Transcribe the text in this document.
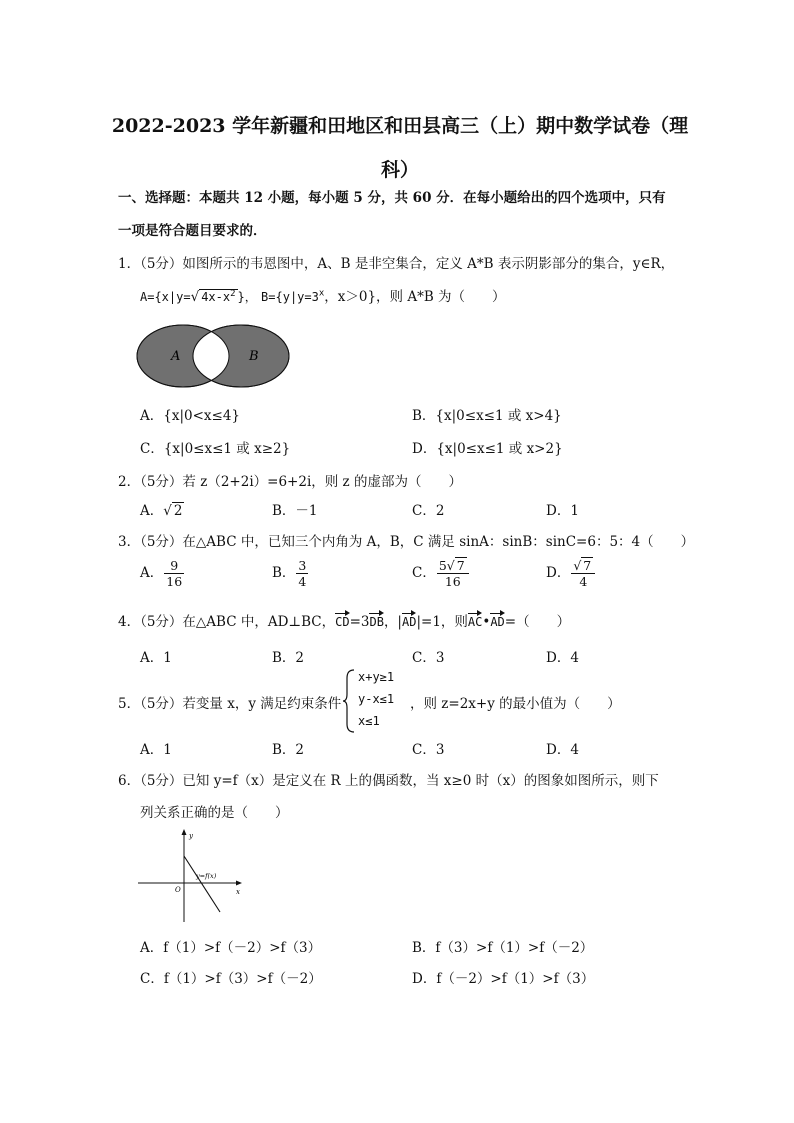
2022-2023 学年新疆和田地区和田县高三（上）期中数学试卷（理
科）
一、选择题：本题共 12 小题，每小题 5 分，共 60 分．在每小题给出的四个选项中，只有
一项是符合题目要求的．
1．（5分）如图所示的韦恩图中，A、B 是非空集合，定义 A*B 表示阴影部分的集合，y∈R，
A={x|y=√ $4x-x^2$ }， $B=\{y|y=3^x$，x＞0}，则 A*B 为（　　）
A	B
A．{x|0<x≤4}	B．{x|0≤x≤1 或 x>4}
C．{x|0≤x≤1 或 x≥2}	D．{x|0≤x≤1 或 x>2}
2．（5分）若 z（2+2i）=6+2i，则 z 的虚部为（　　）
A．√ 2	B．－1	C．2	D．1
3．（5分）在△ABC 中，已知三个内角为 A，B，C 满足 sinA：sinB：sinC=6：5：4（　　）
A． $\frac{9}{16}$	B． $\frac{3}{4}$	C． $\frac{5√ 7}{16}$	D． $\frac{√ 7}{4}$
4．（5分）在△ABC 中，AD⊥BC，CD=3DB，|AD|=1，则AC•AD=（　　）
A．1	B．2	C．3	D．4
5．（5分）若变量 x，y 满足约束条件
x+y≥1
y-x≤1
x≤1
，则 z=2x+y 的最小值为（　　）
A．1	B．2	C．3	D．4
6．（5分）已知 y=f（x）是定义在 R 上的偶函数，当 x≥0 时（x）的图象如图所示，则下
列关系正确的是（　　）
y
x
O
y=f(x)
A．f（1）>f（－2）>f（3）	B．f（3）>f（1）>f（－2）
C．f（1）>f（3）>f（－2）	D．f（－2）>f（1）>f（3）
